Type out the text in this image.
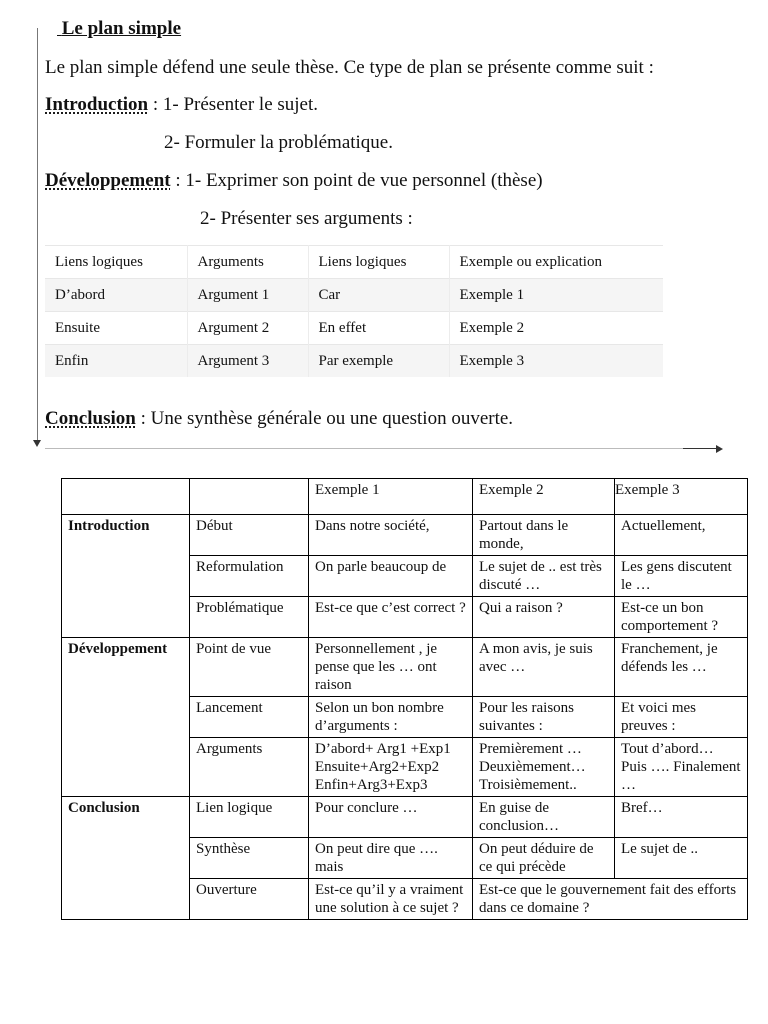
Le plan simple
Le plan simple défend une seule thèse. Ce type de plan se présente comme suit :
Introduction : 1- Présenter le sujet.
2- Formuler la problématique.
Développement : 1- Exprimer son point de vue personnel (thèse)
2- Présenter ses arguments :
Liens logiques	Arguments	Liens logiques	Exemple ou explication
D’abord	Argument 1	Car	Exemple 1
Ensuite	Argument 2	En effet	Exemple 2
Enfin	Argument 3	Par exemple	Exemple 3
Conclusion : Une synthèse générale ou une question ouverte.
		Exemple 1	Exemple 2	Exemple 3
Introduction	Début	Dans notre société,	Partout dans le monde,	Actuellement,
	Reformulation	On parle beaucoup de	Le sujet de .. est très discuté …	Les gens discutent le …
	Problématique	Est-ce que c’est correct ?	Qui a raison ?	Est-ce un bon comportement ?
Développement	Point de vue	Personnellement , je pense que les … ont raison	A mon avis, je suis avec …	Franchement, je défends les …
	Lancement	Selon un bon nombre d’arguments :	Pour les raisons suivantes :	Et voici mes preuves :
	Arguments	D’abord+ Arg1 +Exp1 Ensuite+Arg2+Exp2 Enfin+Arg3+Exp3	Premièrement … Deuxièmement… Troisièmement..	Tout d’abord… Puis …. Finalement …
Conclusion	Lien logique	Pour conclure …	En guise de conclusion…	Bref…
	Synthèse	On peut dire que …. mais	On peut déduire de ce qui précède	Le sujet de ..
	Ouverture	Est-ce qu’il y a vraiment une solution à ce sujet ?	Est-ce que le gouvernement fait des efforts dans ce domaine ?	
